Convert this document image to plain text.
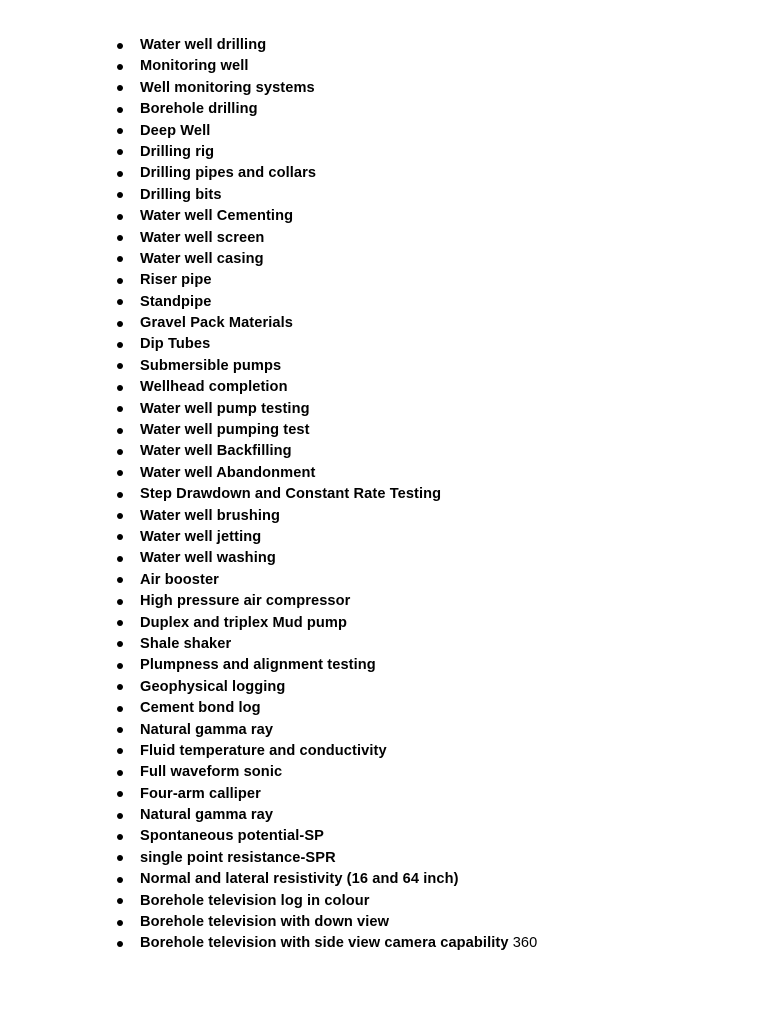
Water well drilling
Monitoring well
Well monitoring systems
Borehole drilling
Deep Well
Drilling rig
Drilling pipes and collars
Drilling bits
Water well Cementing
Water well screen
Water well casing
Riser pipe
Standpipe
Gravel Pack Materials
Dip Tubes
Submersible pumps
Wellhead completion
Water well pump testing
Water well pumping test
Water well Backfilling
Water well Abandonment
Step Drawdown and Constant Rate Testing
Water well brushing
Water well jetting
Water well washing
Air booster
High pressure air compressor
Duplex and triplex Mud pump
Shale shaker
Plumpness and alignment testing
Geophysical logging
Cement bond log
Natural gamma ray
Fluid temperature and conductivity
Full waveform sonic
Four-arm calliper
Natural gamma ray
Spontaneous potential-SP
single point resistance-SPR
Normal and lateral resistivity (16 and 64 inch)
Borehole television log in colour
Borehole television with down view
Borehole television with side view camera capability 360
